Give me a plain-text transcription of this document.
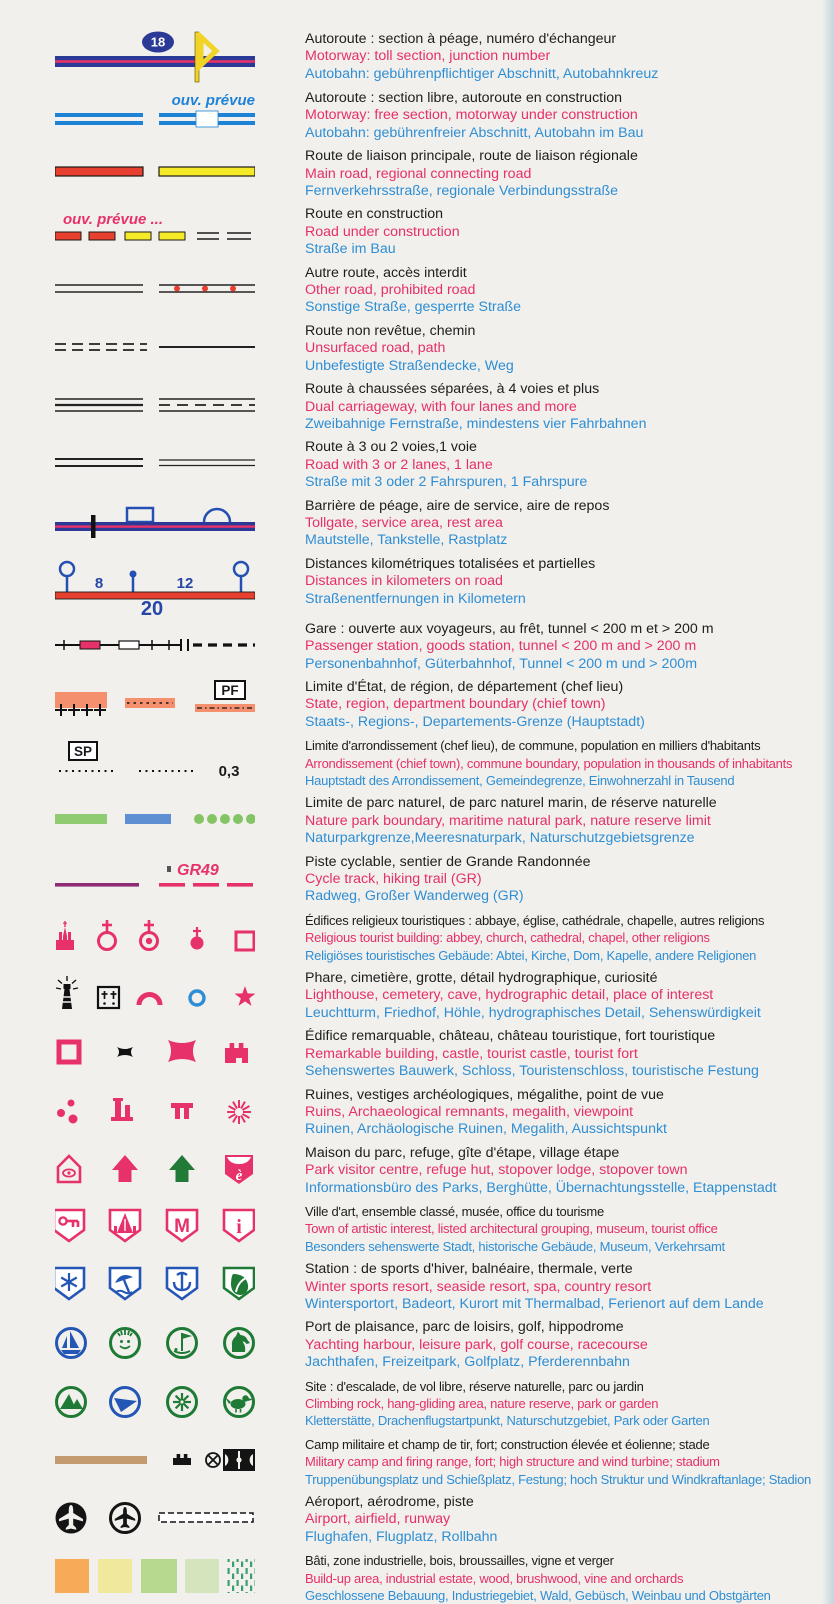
18	Autoroute : section à péage, numéro d'échangeur
Motorway: toll section, junction number
Autobahn: gebührenpflichtiger Abschnitt, Autobahnkreuz
ouv. prévue	Autoroute : section libre, autoroute en construction
Motorway: free section, motorway under construction
Autobahn: gebührenfreier Abschnitt, Autobahn im Bau
Route de liaison principale, route de liaison régionale
Main road, regional connecting road
Fernverkehrsstraße, regionale Verbindungsstraße
ouv. prévue ...	Route en construction
Road under construction
Straße im Bau
Autre route, accès interdit
Other road, prohibited road
Sonstige Straße, gesperrte Straße
Route non revêtue, chemin
Unsurfaced road, path
Unbefestigte Straßendecke, Weg
Route à chaussées séparées, à 4 voies et plus
Dual carriageway, with four lanes and more
Zweibahnige Fernstraße, mindestens vier Fahrbahnen
Route à 3 ou 2 voies,1 voie
Road with 3 or 2 lanes, 1 lane
Straße mit 3 oder 2 Fahrspuren, 1 Fahrspure
Barrière de péage, aire de service, aire de repos
Tollgate, service area, rest area
Mautstelle, Tankstelle, Rastplatz
8	12
20
Distances kilométriques totalisées et partielles
Distances in kilometers on road
Straßenentfernungen in Kilometern
Gare : ouverte aux voyageurs, au frêt, tunnel < 200 m et > 200 m
Passenger station, goods station, tunnel < 200 m and > 200 m
Personenbahnhof, Güterbahnhof, Tunnel < 200 m und > 200m
PF	Limite d'État, de région, de département (chef lieu)
State, region, department boundary (chief town)
Staats-, Regions-, Departements-Grenze (Hauptstadt)
SP
0,3
Limite d'arrondissement (chef lieu), de commune, population en milliers d'habitants
Arrondissement (chief town), commune boundary, population in thousands of inhabitants
Hauptstadt des Arrondissement, Gemeindegrenze, Einwohnerzahl in Tausend
Limite de parc naturel, de parc naturel marin, de réserve naturelle
Nature park boundary, maritime natural park, nature reserve limit
Naturparkgrenze,Meeresnaturpark, Naturschutzgebietsgrenze
GR49	Piste cyclable, sentier de Grande Randonnée
Cycle track, hiking trail (GR)
Radweg, Großer Wanderweg (GR)
Édifices religieux touristiques : abbaye, église, cathédrale, chapelle, autres religions
Religious tourist building: abbey, church, cathedral, chapel, other religions
Religiöses touristisches Gebäude: Abtei, Kirche, Dom, Kapelle, andere Religionen
Phare, cimetière, grotte, détail hydrographique, curiosité
Lighthouse, cemetery, cave, hydrographic detail, place of interest
Leuchtturm, Friedhof, Höhle, hydrographisches Detail, Sehenswürdigkeit
Édifice remarquable, château, château touristique, fort touristique
Remarkable building, castle, tourist castle, tourist fort
Sehenswertes Bauwerk, Schloss, Touristenschloss, touristische Festung
Ruines, vestiges archéologiques, mégalithe, point de vue
Ruins, Archaeological remnants, megalith, viewpoint
Ruinen, Archäologische Ruinen, Megalith, Aussichtspunkt
è
Maison du parc, refuge, gîte d'étape, village étape
Park visitor centre, refuge hut, stopover lodge, stopover town
Informationsbüro des Parks, Berghütte, Übernachtungsstelle, Etappenstadt
M i
Ville d'art, ensemble classé, musée, office du tourisme
Town of artistic interest, listed architectural grouping, museum, tourist office
Besonders sehenswerte Stadt, historische Gebäude, Museum, Verkehrsamt
Station : de sports d'hiver, balnéaire, thermale, verte
Winter sports resort, seaside resort, spa, country resort
Wintersportort, Badeort, Kurort mit Thermalbad, Ferienort auf dem Lande
Port de plaisance, parc de loisirs, golf, hippodrome
Yachting harbour, leisure park, golf course, racecourse
Jachthafen, Freizeitpark, Golfplatz, Pferderennbahn
Site : d'escalade, de vol libre, réserve naturelle, parc ou jardin
Climbing rock, hang-gliding area, nature reserve, park or garden
Kletterstätte, Drachenflugstartpunkt, Naturschutzgebiet, Park oder Garten
Camp militaire et champ de tir, fort; construction élevée et éolienne; stade
Military camp and firing range, fort; high structure and wind turbine; stadium
Truppenübungsplatz und Schießplatz, Festung; hoch Struktur und Windkraftanlage; Stadion
Aéroport, aérodrome, piste
Airport, airfield, runway
Flughafen, Flugplatz, Rollbahn
Bâti, zone industrielle, bois, broussailles, vigne et verger
Build-up area, industrial estate, wood, brushwood, vine and orchards
Geschlossene Bebauung, Industriegebiet, Wald, Gebüsch, Weinbau und Obstgärten
